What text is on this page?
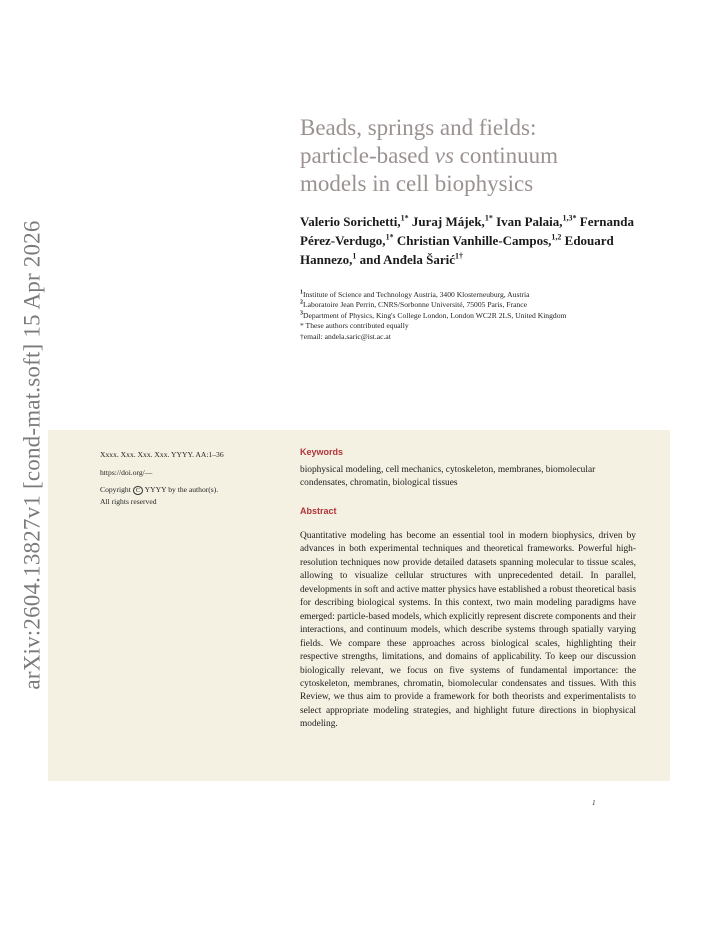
arXiv:2604.13827v1 [cond-mat.soft] 15 Apr 2026
Beads, springs and fields:
particle-based vs continuum
models in cell biophysics
Valerio Sorichetti,$^{1*}$ Juraj Májek,$^{1*}$ Ivan Palaia,$^{1,3*}$ Fernanda Pérez-Verdugo,$^{1*}$ Christian Vanhille-Campos,$^{1,2}$ Edouard Hannezo,$^1$ and Anđela Šarić$^{1\dagger}$
$^1$Institute of Science and Technology Austria, 3400 Klosterneuburg, Austria
$^2$Laboratoire Jean Perrin, CNRS/Sorbonne Université, 75005 Paris, France
$^3$Department of Physics, King's College London, London WC2R 2LS, United Kingdom
* These authors contributed equally
†email: andela.saric@ist.ac.at
Xxxx. Xxx. Xxx. Xxx. YYYY. AA:1–36
https://doi.org/—
Copyright C YYYY by the author(s).
All rights reserved
Keywords
biophysical modeling, cell mechanics, cytoskeleton, membranes, biomolecular condensates, chromatin, biological tissues
Abstract

Quantitative modeling has become an essential tool in modern biophysics, driven by advances in both experimental techniques and theoretical frameworks. Powerful high-resolution techniques now provide detailed datasets spanning molecular to tissue scales, allowing to visualize cellular structures with unprecedented detail. In parallel, developments in soft and active matter physics have established a robust theoretical basis for describing biological systems. In this context, two main modeling paradigms have emerged: particle-based models, which explicitly represent discrete components and their interactions, and continuum models, which describe systems through spatially varying fields. We compare these approaches across biological scales, highlighting their respective strengths, limitations, and domains of applicability. To keep our discussion biologically relevant, we focus on five systems of fundamental importance: the cytoskeleton, membranes, chromatin, biomolecular condensates and tissues. With this Review, we thus aim to provide a framework for both theorists and experimentalists to select appropriate modeling strategies, and highlight future directions in biophysical modeling.

1
